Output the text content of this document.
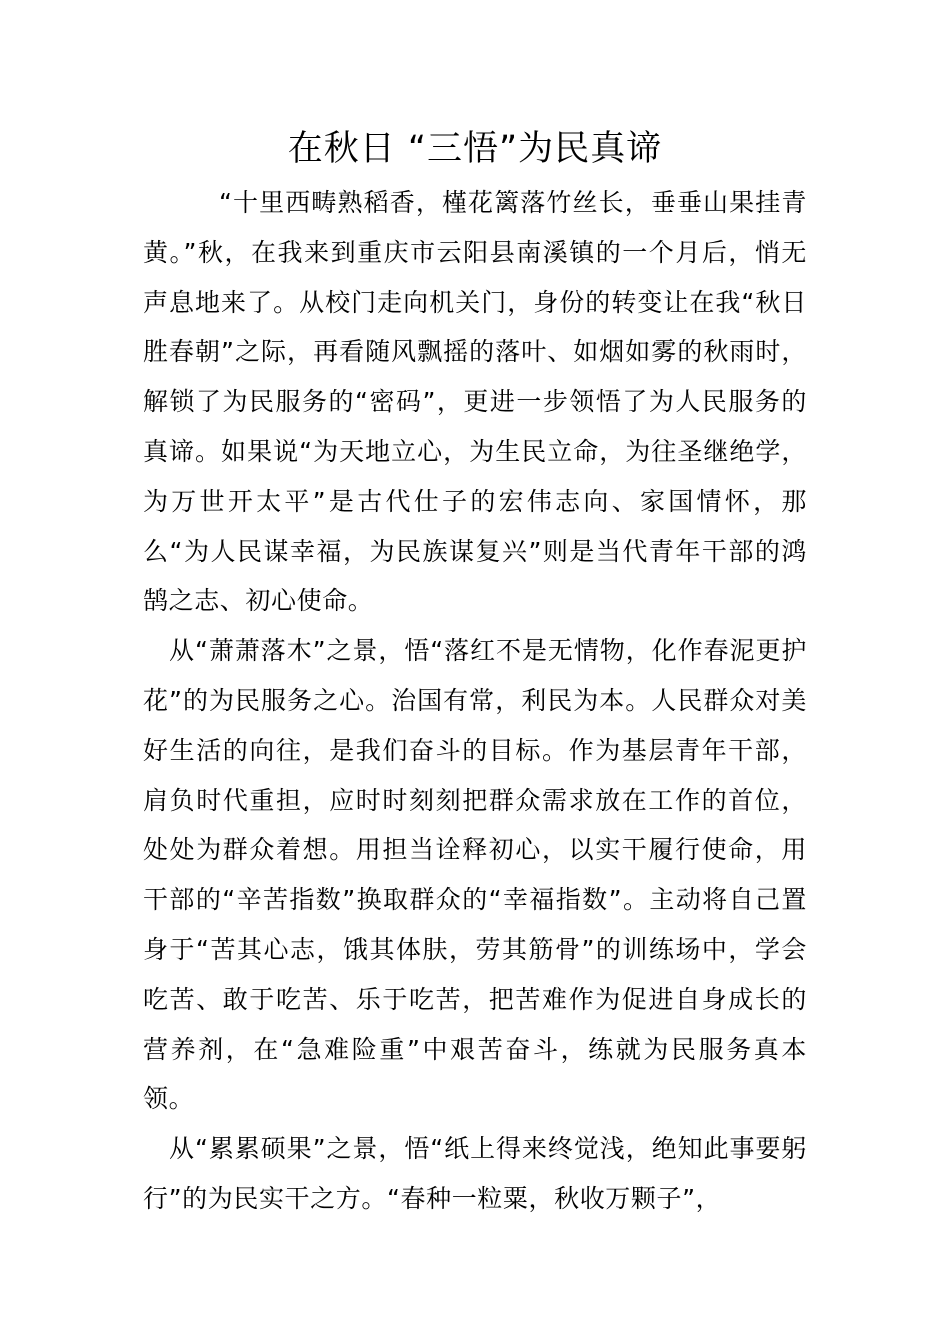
在秋日 “三悟”为民真谛

“十里西畴熟稻香，槿花篱落竹丝长，垂垂山果挂青黄。”秋，在我来到重庆市云阳县南溪镇的一个月后，悄无声息地来了。从校门走向机关门，身份的转变让在我“秋日胜春朝”之际，再看随风飘摇的落叶、如烟如雾的秋雨时，解锁了为民服务的“密码”，更进一步领悟了为人民服务的真谛。如果说“为天地立心，为生民立命，为往圣继绝学，为万世开太平”是古代仕子的宏伟志向、家国情怀，那么“为人民谋幸福，为民族谋复兴”则是当代青年干部的鸿鹄之志、初心使命。

从“萧萧落木”之景，悟“落红不是无情物，化作春泥更护花”的为民服务之心。治国有常，利民为本。人民群众对美好生活的向往，是我们奋斗的目标。作为基层青年干部，肩负时代重担，应时时刻刻把群众需求放在工作的首位，处处为群众着想。用担当诠释初心，以实干履行使命，用干部的“辛苦指数”换取群众的“幸福指数”。主动将自己置身于“苦其心志，饿其体肤，劳其筋骨”的训练场中，学会吃苦、敢于吃苦、乐于吃苦，把苦难作为促进自身成长的营养剂，在“急难险重”中艰苦奋斗，练就为民服务真本领。

从“累累硕果”之景，悟“纸上得来终觉浅，绝知此事要躬行”的为民实干之方。“春种一粒粟，秋收万颗子”，
